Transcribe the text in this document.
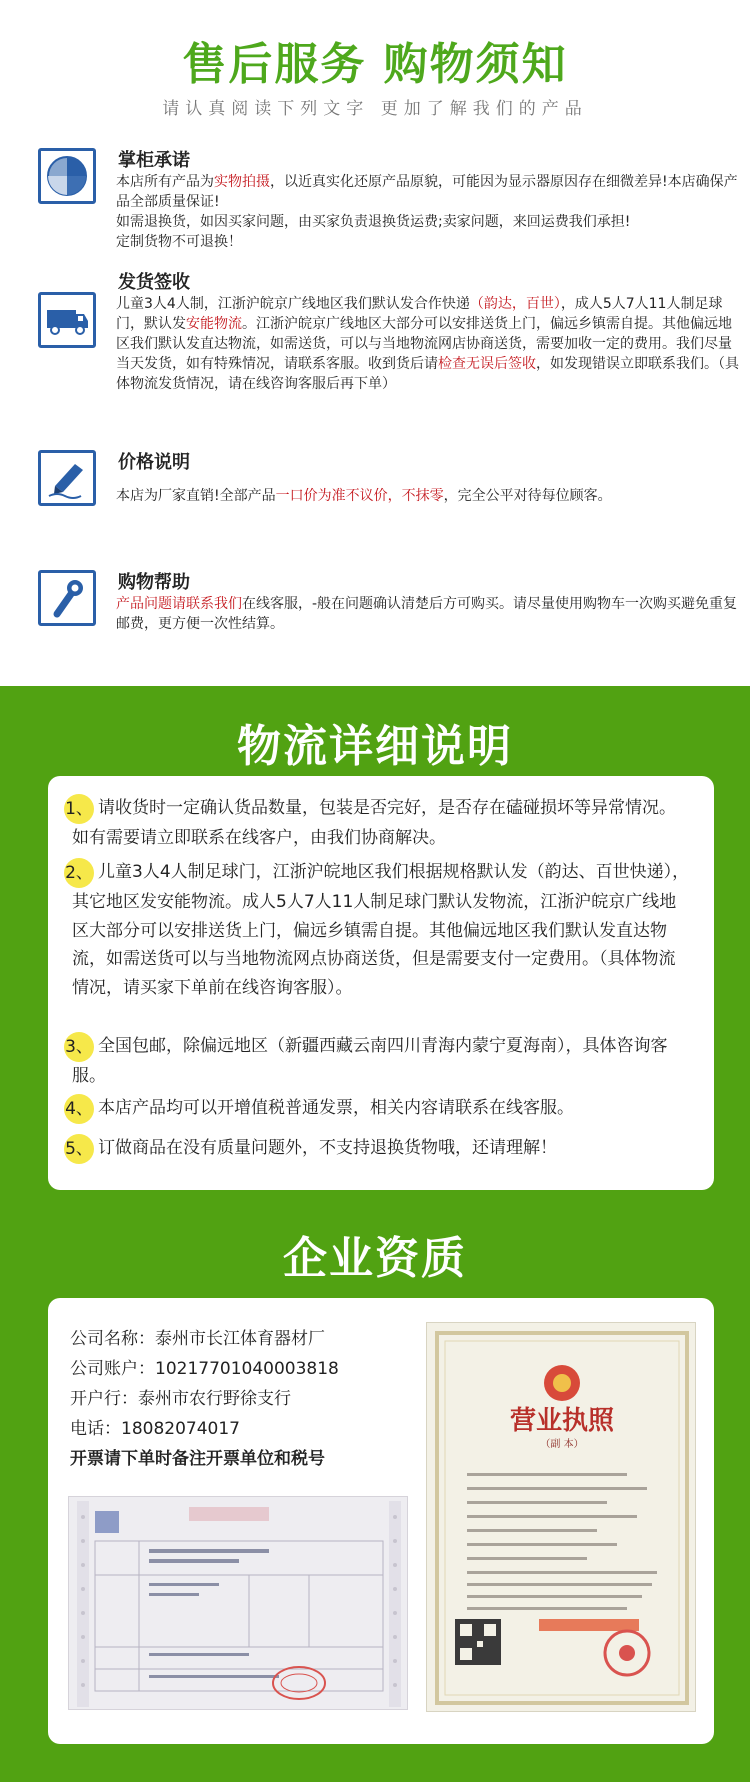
售后服务 购物须知
请认真阅读下列文字 更加了解我们的产品
掌柜承诺
本店所有产品为实物拍摄，以近真实化还原产品原貌，可能因为显示器原因存在细微差异!本店确保产品全部质量保证!
如需退换货，如因买家问题，由买家负责退换货运费;卖家问题，来回运费我们承担!
定制货物不可退换！
发货签收
儿童3人4人制，江浙沪皖京广线地区我们默认发合作快递（韵达，百世），成人5人7人11人制足球门，默认发安能物流。江浙沪皖京广线地区大部分可以安排送货上门，偏远乡镇需自提。其他偏远地区我们默认发直达物流，如需送货，可以与当地物流网店协商送货，需要加收一定的费用。我们尽量当天发货，如有特殊情况，请联系客服。收到货后请检查无误后签收，如发现错误立即联系我们。（具体物流发货情况，请在线咨询客服后再下单）
价格说明
本店为厂家直销!全部产品一口价为准不议价，不抹零，完全公平对待每位顾客。
购物帮助
产品问题请联系我们在线客服，-般在问题确认清楚后方可购买。请尽量使用购物车一次购买避免重复邮费，更方便一次性结算。
物流详细说明
1、 请收货时一定确认货品数量，包装是否完好，是否存在磕碰损坏等异常情况。如有需要请立即联系在线客户，由我们协商解决。
2、 儿童3人4人制足球门，江浙沪皖地区我们根据规格默认发（韵达、百世快递），其它地区发安能物流。成人5人7人11人制足球门默认发物流，江浙沪皖京广线地区大部分可以安排送货上门，偏远乡镇需自提。其他偏远地区我们默认发直达物流，如需送货可以与当地物流网点协商送货，但是需要支付一定费用。（具体物流情况，请买家下单前在线咨询客服）。
3、 全国包邮，除偏远地区（新疆西藏云南四川青海内蒙宁夏海南），具体咨询客服。
4、 本店产品均可以开增值税普通发票，相关内容请联系在线客服。
5、 订做商品在没有质量问题外，不支持退换货物哦，还请理解！
企业资质
公司名称：泰州市长江体育器材厂
公司账户：10217701040003818
开户行：泰州市农行野徐支行
电话：18082074017
开票请下单时备注开票单位和税号
营业执照
（副 本）
